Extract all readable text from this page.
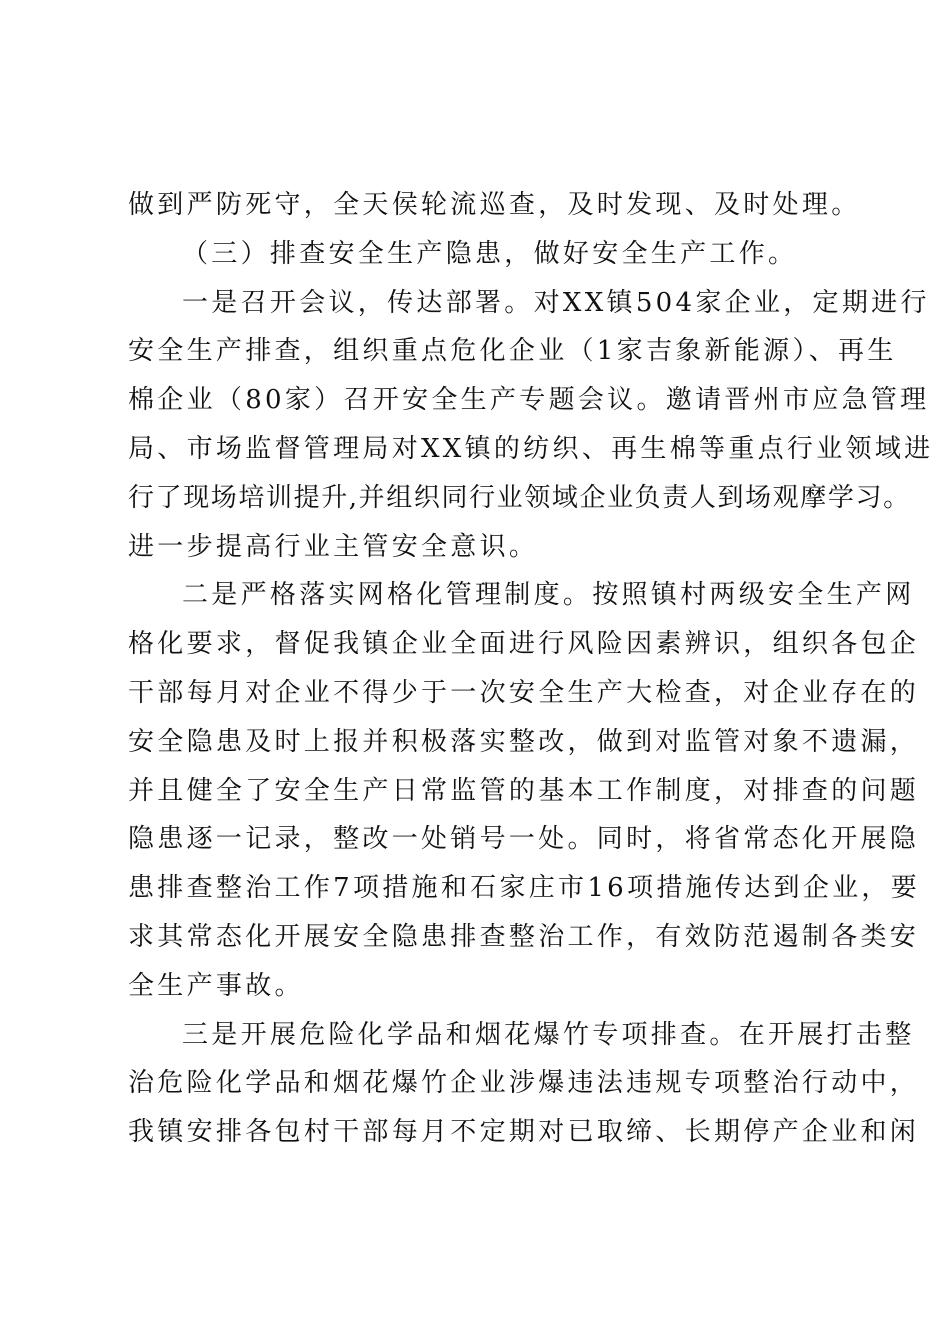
做到严防死守，全天侯轮流巡查，及时发现、及时处理。
（三）排查安全生产隐患，做好安全生产工作。
一是召开会议，传达部署。对XX镇504家企业，定期进行
安全生产排查，组织重点危化企业（1家吉象新能源）、再生
棉企业（80家）召开安全生产专题会议。邀请晋州市应急管理
局、市场监督管理局对XX镇的纺织、再生棉等重点行业领域进
行了现场培训提升,并组织同行业领域企业负责人到场观摩学习。
进一步提高行业主管安全意识。
二是严格落实网格化管理制度。按照镇村两级安全生产网
格化要求，督促我镇企业全面进行风险因素辨识，组织各包企
干部每月对企业不得少于一次安全生产大检查，对企业存在的
安全隐患及时上报并积极落实整改，做到对监管对象不遗漏，
并且健全了安全生产日常监管的基本工作制度，对排查的问题
隐患逐一记录，整改一处销号一处。同时，将省常态化开展隐
患排查整治工作7项措施和石家庄市16项措施传达到企业，要
求其常态化开展安全隐患排查整治工作，有效防范遏制各类安
全生产事故。
三是开展危险化学品和烟花爆竹专项排查。在开展打击整
治危险化学品和烟花爆竹企业涉爆违法违规专项整治行动中，
我镇安排各包村干部每月不定期对已取缔、长期停产企业和闲
